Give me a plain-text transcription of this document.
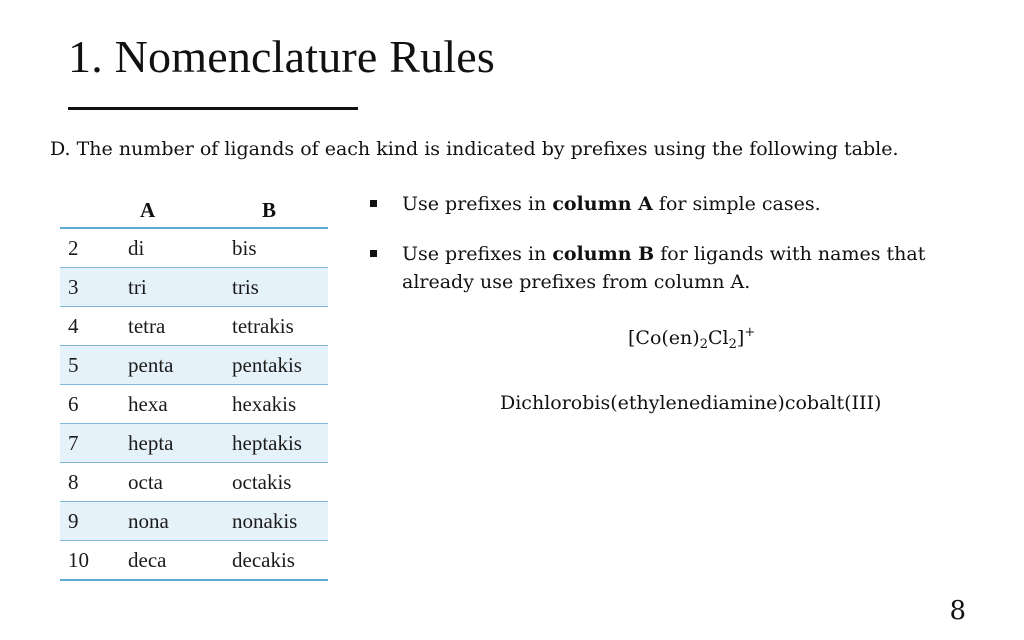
1. Nomenclature Rules
D. The number of ligands of each kind is indicated by prefixes using the following table.
A		B
2	di	bis
3	tri	tris
4	tetra	tetrakis
5	penta	pentakis
6	hexa	hexakis
7	hepta	heptakis
8	octa	octakis
9	nona	nonakis
10	deca	decakis
Use prefixes in column A for simple cases.
Use prefixes in column B for ligands with names that already use prefixes from column A.
$[Co(en)_2Cl_2]^+$
Dichlorobis(ethylenediamine)cobalt(III)
8
